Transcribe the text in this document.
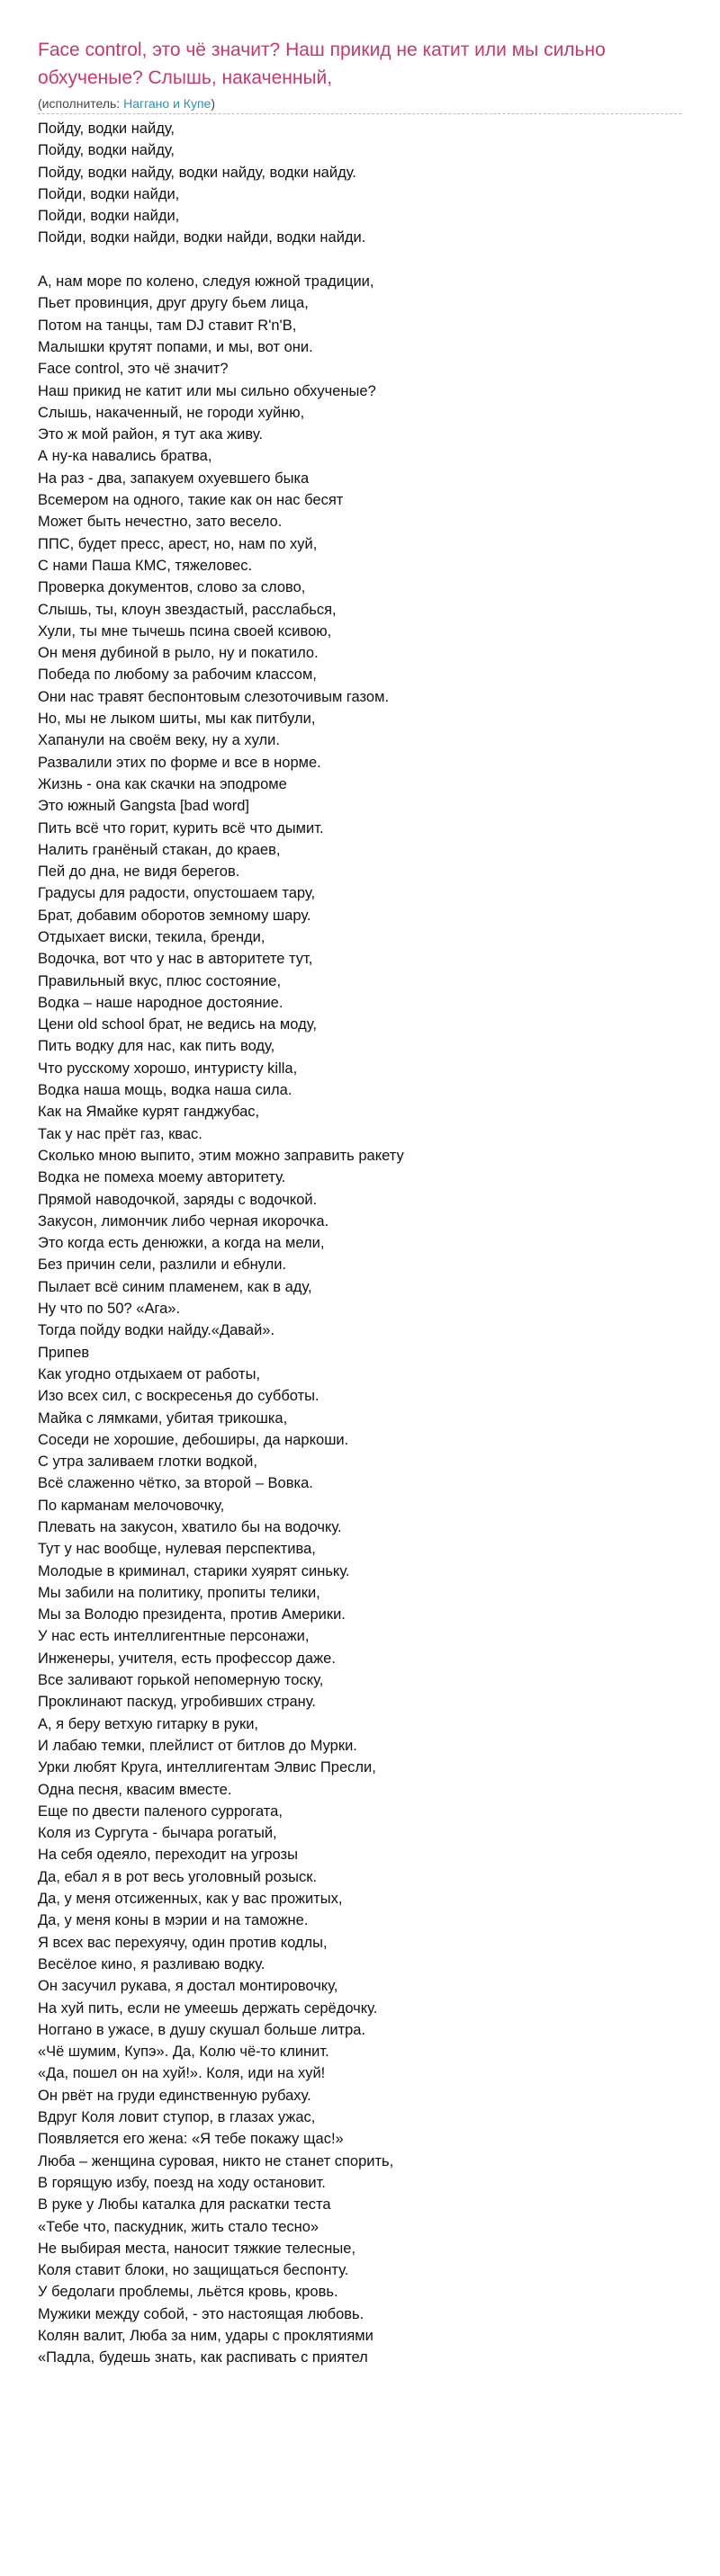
Face control, это чё значит? Наш прикид не катит или мы сильно обхучeные? Слышь, накаченный,
(исполнитель: Наггано и Купе)
Пойду, водки найду,
Пойду, водки найду,
Пойду, водки найду, водки найду, водки найду.
Пойди, водки найди,
Пойди, водки найди,
Пойди, водки найди, водки найди, водки найди.

А, нам море по колено, следуя южной традиции,
Пьет провинция, друг другу бьем лица,
Потом на танцы, там DJ ставит R'n'B,
Малышки крутят попами, и мы, вот они.
Face control, это чё значит?
Наш прикид не катит или мы сильно обхучeные?
Слышь, накаченный, не городи хуйню,
Это ж мой район, я тут ака живу.
А ну-ка навались братва,
На раз - два, запакуем охуевшего быка
Всемером на одного, такие как он нас бесят
Может быть нечестно, зато весело.
ППС, будет пресс, арест, но, нам по хуй,
С нами Паша КМС, тяжеловес.
Проверка документов, слово за слово,
Слышь, ты, клоун звездастый, расслабься,
Хули, ты мне тычешь псина своей ксивою,
Он меня дубиной в рыло, ну и покатило.
Победа по любому за рабочим классом,
Они нас травят беспонтовым слезоточивым газом.
Но, мы не лыком шиты, мы как питбули,
Хапанули на своём веку, ну а хули.
Развалили этих по форме и все в норме.
Жизнь - она как скачки на эподроме
Это южный Gangsta [bad word]
Пить всё что горит, курить всё что дымит.
Налить гранёный стакан, до краев,
Пей до дна, не видя берегов.
Градусы для радости, опустошаем тару,
Брат, добавим оборотов земному шару.
Отдыхает виски, текила, бренди,
Водочка, вот что у нас в авторитете тут,
Правильный вкус, плюс состояние,
Водка – наше народное достояние.
Цени old school брат, не ведись на моду,
Пить водку для нас, как пить воду,
Что русскому хорошо, интуристу killa,
Водка наша мощь, водка наша сила.
Как на Ямайке курят ганджубас,
Так у нас прёт газ, квас.
Сколько мною выпито, этим можно заправить ракету
Водка не помеха моему авторитету.
Прямой наводочкой, заряды с водочкой.
Закусон, лимончик либо черная икорочка.
Это когда есть денюжки, а когда на мели,
Без причин сели, разлили и ебнули.
Пылает всё синим пламенем, как в аду,
Ну что по 50? «Ага».
Тогда пойду водки найду.«Давай».
Припев
Как угодно отдыхаем от работы,
Изо всех сил, с воскресенья до субботы.
Майка с лямками, убитая трикошка,
Соседи не хорошие, дебоширы, да наркоши.
С утра заливаем глотки водкой,
Всё слаженно чётко, за второй – Вовка.
По карманам мелочовочку,
Плевать на закусон, хватило бы на водочку.
Тут у нас вообще, нулевая перспектива,
Молодые в криминал, старики хуярят синьку.
Мы забили на политику, пропиты телики,
Мы за Володю президента, против Америки.
У нас есть интеллигентные персонажи,
Инженеры, учителя, есть профессор даже.
Все заливают горькой непомерную тоску,
Проклинают паскуд, угробивших страну.
А, я беру ветхую гитарку в руки,
И лабаю темки, плейлист от битлов до Мурки.
Урки любят Круга, интеллигентам Элвис Пресли,
Одна песня, квасим вместе.
Еще по двести паленого суррогата,
Коля из Сургута - бычара рогатый,
На себя одеяло, переходит на угрозы
Да, ебал я в рот весь уголовный розыск.
Да, у меня отсиженных, как у вас прожитых,
Да, у меня коны в мэрии и на таможне.
Я всех вас перехуячу, один против кодлы,
Весёлое кино, я разливаю водку.
Он засучил рукава, я достал монтировочку,
На хуй пить, если не умеешь держать серёдочку.
Ноггано в ужасе, в душу скушал больше литра.
«Чё шумим, Купэ». Да, Колю чё-то клинит.
«Да, пошел он на хуй!». Коля, иди на хуй!
Он рвёт на груди единственную рубаху.
Вдруг Коля ловит ступор, в глазах ужас,
Появляется его жена: «Я тебе покажу щас!»
Люба – женщина суровая, никто не станет спорить,
В горящую избу, поезд на ходу остановит.
В руке у Любы каталка для раскатки теста
«Тебе что, паскудник, жить стало тесно»
Не выбирая места, наносит тяжкие телесные,
Коля ставит блоки, но защищаться беспонту.
У бедолаги проблемы, льётся кровь, кровь.
Мужики между собой, - это настоящая любовь.
Колян валит, Люба за ним, удары с проклятиями
«Падла, будешь знать, как распивать с приятел
